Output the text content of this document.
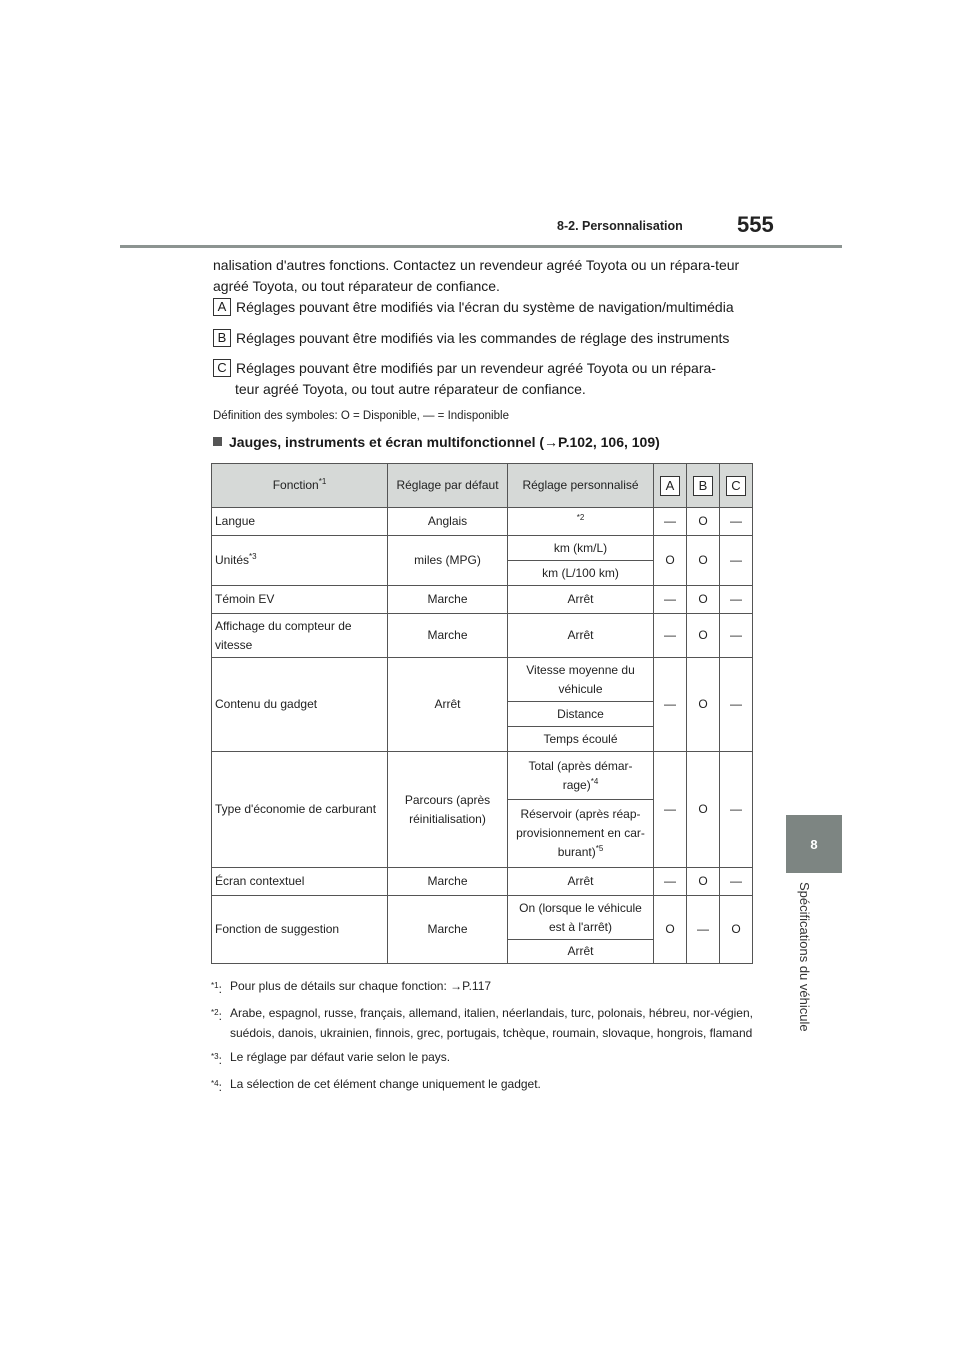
8-2. Personnalisation 555
8
Spécifications du véhicule
nalisation d'autres fonctions. Contactez un revendeur agréé Toyota ou un répara-teur agréé Toyota, ou tout réparateur de confiance.
A Réglages pouvant être modifiés via l'écran du système de navigation/multimédia
B Réglages pouvant être modifiés via les commandes de réglage des instruments
C Réglages pouvant être modifiés par un revendeur agréé Toyota ou un répara-
teur agréé Toyota, ou tout autre réparateur de confiance.
Définition des symboles: O = Disponible, — = Indisponible
Jauges, instruments et écran multifonctionnel (→P.102, 106, 109)
Fonction$^{*1}$	Réglage par défaut	Réglage personnalisé	A	B	C
Langue	Anglais	$^{*2}$	—	O	—
Unités$^{*3}$	miles (MPG)	km (km/L)	O	O	—
		km (L/100 km)			
Témoin EV	Marche	Arrêt	—	O	—
Affichage du compteur de vitesse	Marche	Arrêt	—	O	—
Contenu du gadget	Arrêt	Vitesse moyenne du véhicule	—	O	—
		Distance			
		Temps écoulé			
Type d'économie de carburant	Parcours (après réinitialisation)	Total (après démar-rage)$^{*4}$	—	O	—
		Réservoir (après réap-provisionnement en car-burant)$^{*5}$
Écran contextuel	Marche	Arrêt	—	O	—
Fonction de suggestion	Marche	On (lorsque le véhicule est à l'arrêt)	O	—	O
		Arrêt			
$^{*1}$: Pour plus de détails sur chaque fonction: →P.117
$^{*2}$: Arabe, espagnol, russe, français, allemand, italien, néerlandais, turc, polonais, hébreu, nor-végien, suédois, danois, ukrainien, finnois, grec, portugais, tchèque, roumain, slovaque, hongrois, flamand
$^{*3}$: Le réglage par défaut varie selon le pays.
$^{*4}$: La sélection de cet élément change uniquement le gadget.
